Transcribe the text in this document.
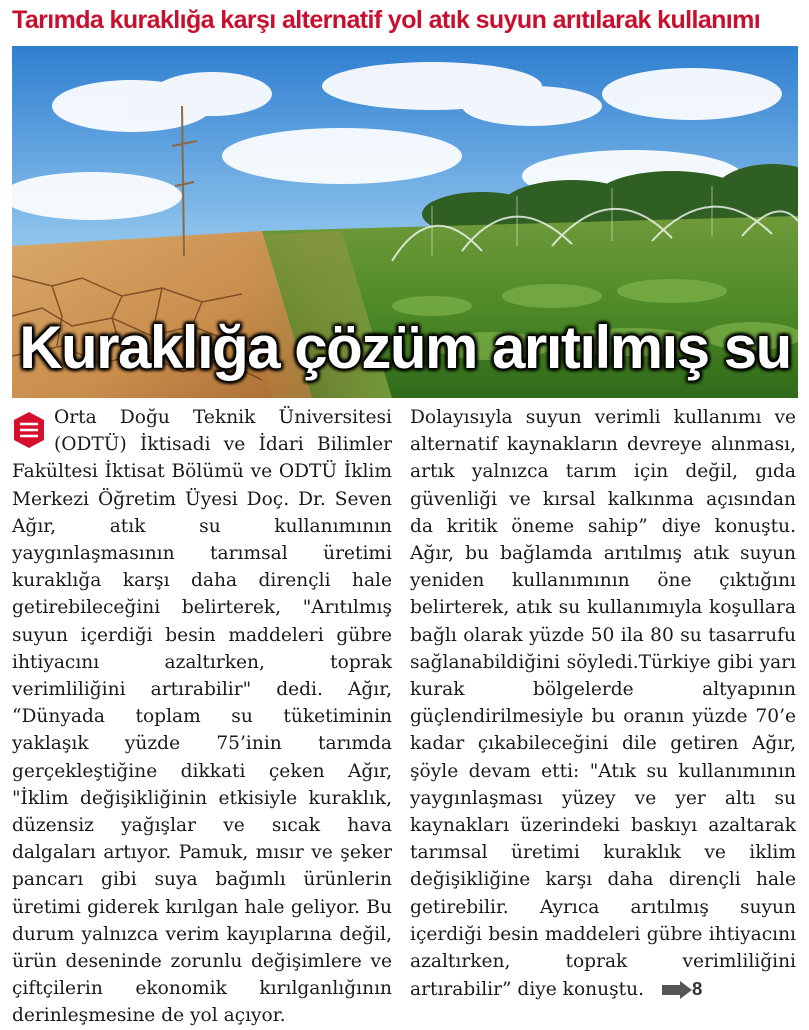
Tarımda kuraklığa karşı alternatif yol atık suyun arıtılarak kullanımı
Kuraklığa çözüm arıtılmış su

Orta Doğu Teknik Üniversitesi (ODTÜ) İktisadi ve İdari Bilimler Fakültesi İktisat Bölümü ve ODTÜ İklim Merkezi Öğretim Üyesi Doç. Dr. Seven Ağır, atık su kullanımının yaygınlaşmasının tarımsal üretimi kuraklığa karşı daha dirençli hale getirebileceğini belirterek, "Arıtılmış suyun içerdiği besin maddeleri gübre ihtiyacını azaltırken, toprak verimliliğini artırabilir" dedi. Ağır, “Dünyada toplam su tüketiminin yaklaşık yüzde 75’inin tarımda gerçekleştiğine dikkati çeken Ağır, "İklim değişikliğinin etkisiyle kuraklık, düzensiz yağışlar ve sıcak hava dalgaları artıyor. Pamuk, mısır ve şeker pancarı gibi suya bağımlı ürünlerin üretimi giderek kırılgan hale geliyor. Bu durum yalnızca verim kayıplarına değil, ürün deseninde zorunlu değişimlere ve çiftçilerin ekonomik kırılganlığının derinleşmesine de yol açıyor.

Dolayısıyla suyun verimli kullanımı ve alternatif kaynakların devreye alınması, artık yalnızca tarım için değil, gıda güvenliği ve kırsal kalkınma açısından da kritik öneme sahip” diye konuştu. Ağır, bu bağlamda arıtılmış atık suyun yeniden kullanımının öne çıktığını belirterek, atık su kullanımıyla koşullara bağlı olarak yüzde 50 ila 80 su tasarrufu sağlanabildiğini söyledi.Türkiye gibi yarı kurak bölgelerde altyapının güçlendirilmesiyle bu oranın yüzde 70’e kadar çıkabileceğini dile getiren Ağır, şöyle devam etti: "Atık su kullanımının yaygınlaşması yüzey ve yer altı su kaynakları üzerindeki baskıyı azaltarak tarımsal üretimi kuraklık ve iklim değişikliğine karşı daha dirençli hale getirebilir. Ayrıca arıtılmış suyun içerdiği besin maddeleri gübre ihtiyacını azaltırken, toprak verimliliğini artırabilir” diye konuştu.	8
